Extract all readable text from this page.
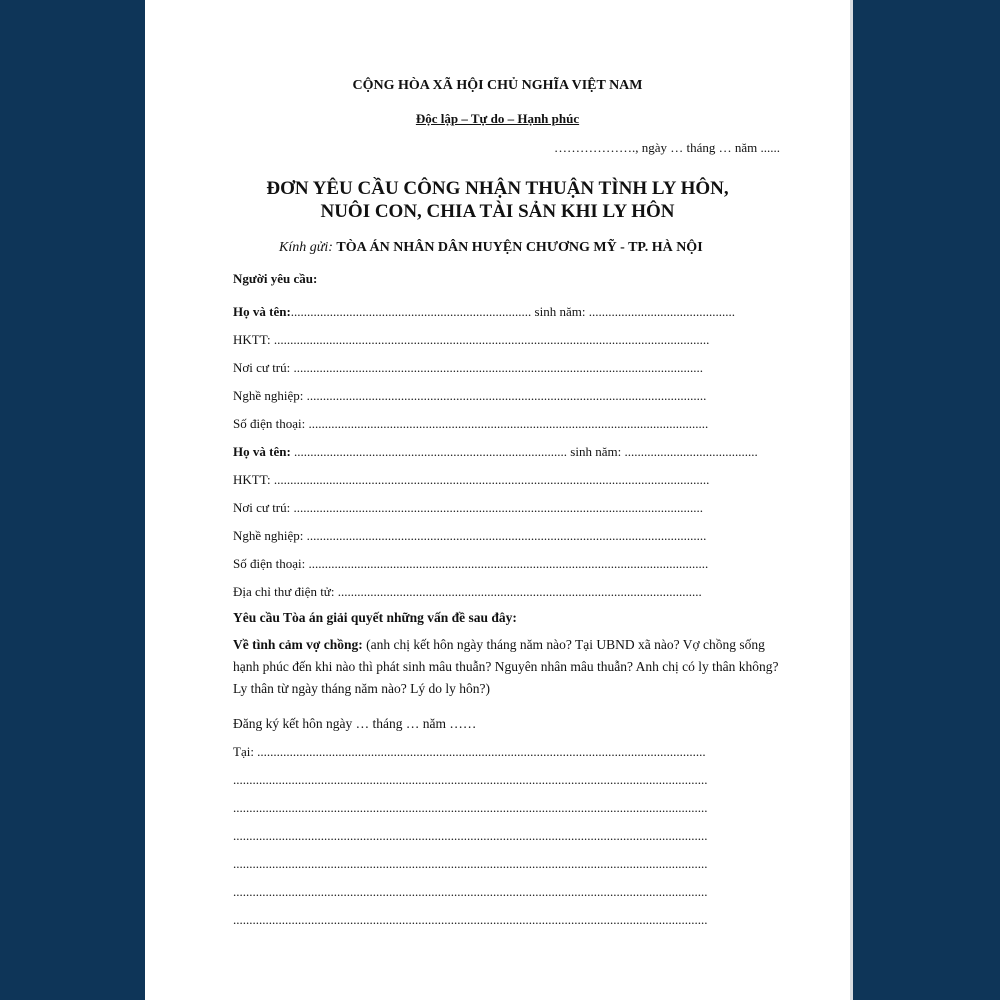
CỘNG HÒA XÃ HỘI CHỦ NGHĨA VIỆT NAM
Độc lập – Tự do – Hạnh phúc
………………., ngày … tháng … năm ......
ĐƠN YÊU CẦU CÔNG NHẬN THUẬN TÌNH LY HÔN,
NUÔI CON, CHIA TÀI SẢN KHI LY HÔN
Kính gửi: TÒA ÁN NHÂN DÂN HUYỆN CHƯƠNG MỸ - TP. HÀ NỘI
Người yêu cầu:
Họ và tên:.......................................................................... sinh năm: .............................................
HKTT: ......................................................................................................................................
Nơi cư trú: ..............................................................................................................................
Nghề nghiệp: ...........................................................................................................................
Số điện thoại: ...........................................................................................................................
Họ và tên: .................................................................................... sinh năm: .........................................
HKTT: ......................................................................................................................................
Nơi cư trú: ..............................................................................................................................
Nghề nghiệp: ...........................................................................................................................
Số điện thoại: ...........................................................................................................................
Địa chỉ thư điện tử: ................................................................................................................
Yêu cầu Tòa án giải quyết những vấn đề sau đây:
Về tình cảm vợ chồng: (anh chị kết hôn ngày tháng năm nào? Tại UBND xã nào? Vợ chồng sống hạnh phúc đến khi nào thì phát sinh mâu thuẫn? Nguyên nhân mâu thuẫn? Anh chị có ly thân không? Ly thân từ ngày tháng năm nào? Lý do ly hôn?)
Đăng ký kết hôn ngày … tháng … năm ……
Tại: ..........................................................................................................................................
..................................................................................................................................................
..................................................................................................................................................
..................................................................................................................................................
..................................................................................................................................................
..................................................................................................................................................
..................................................................................................................................................
